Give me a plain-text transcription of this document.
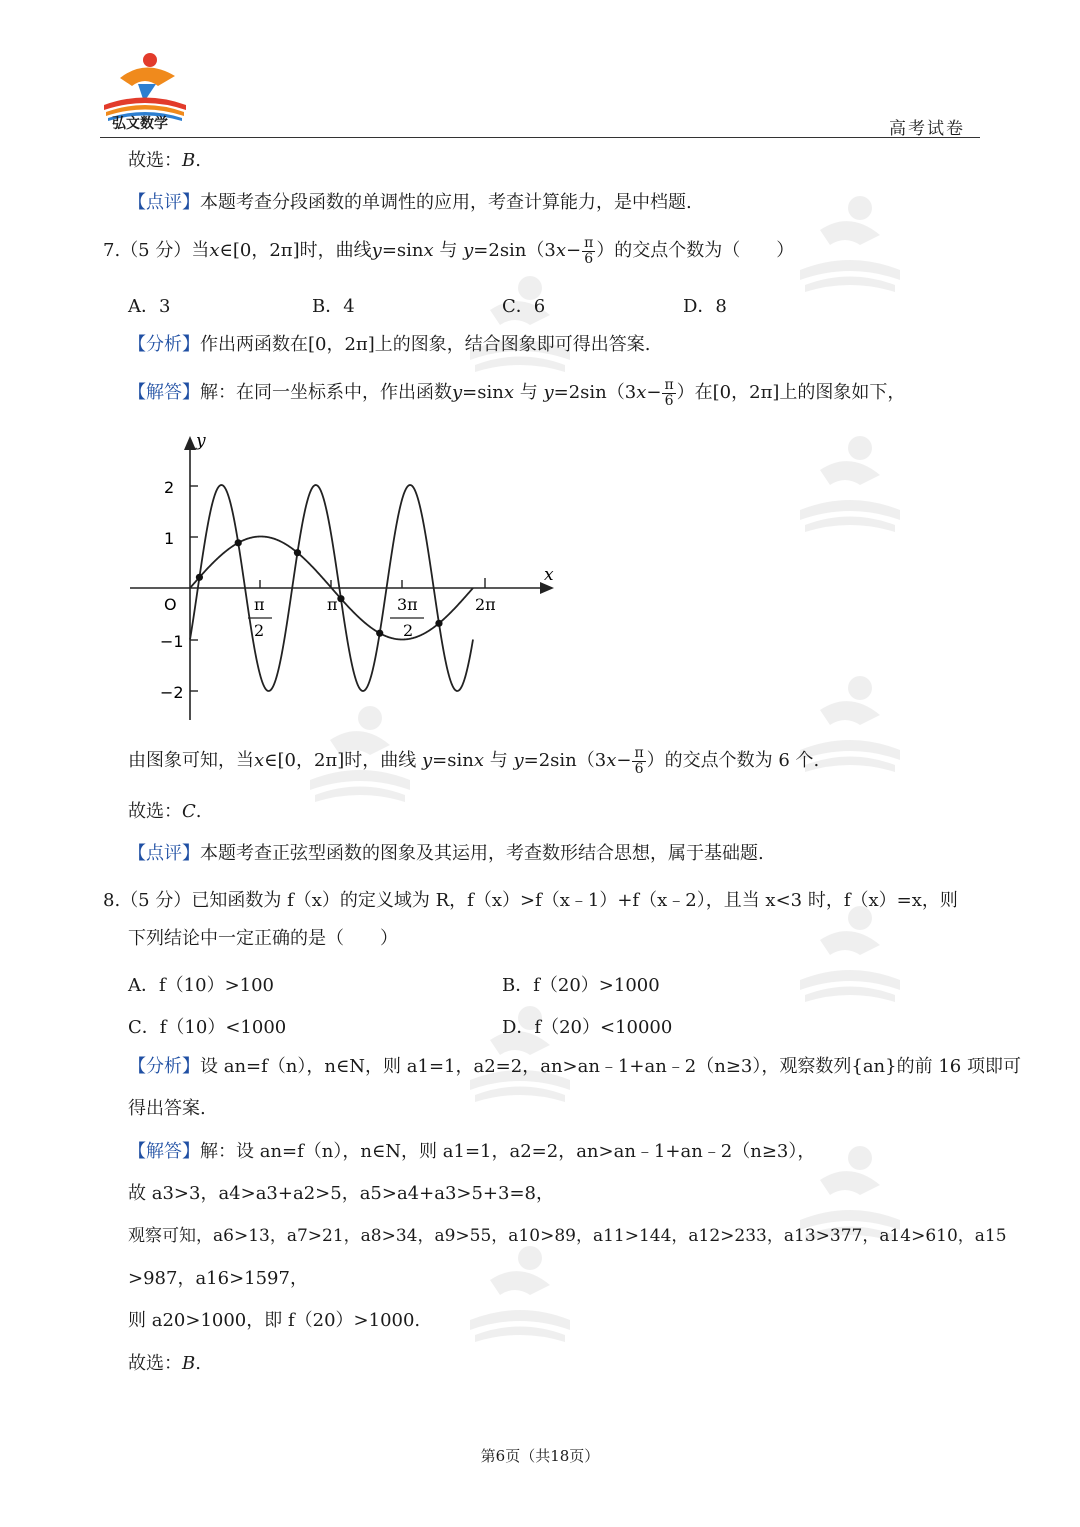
弘文数学	高考试卷
故选：B.
【点评】本题考查分段函数的单调性的应用，考查计算能力，是中档题.
7.（5 分）当x∈[0，2π]时，曲线y=sinx 与 $y=2\sin(3x- \frac{\pi}{6}$ ）的交点个数为（　　）
A．3	B．4	C．6	D．8
【分析】作出两函数在[0，2π]上的图象，结合图象即可得出答案.
【解答】解：在同一坐标系中，作出函数y=sinx 与 $y=2\sin(3x- \frac{\pi}{6}$ ）在[0，2π]上的图象如下，
y
x
O
2
1
−1
−2
π
2
π	3π
2
2π
由图象可知，当x∈[0，2π]时，曲线 y=sinx 与 $y=2\sin(3x- \frac{\pi}{6}$ ）的交点个数为 6 个.
故选：C.
【点评】本题考查正弦型函数的图象及其运用，考查数形结合思想，属于基础题.
8.（5 分）已知函数为 f（x）的定义域为 R，f（x）>f（x﹣1）+f（x﹣2），且当 x<3 时，f（x）=x，则
下列结论中一定正确的是（　　）
A．f（10）>100	B．f（20）>1000
C．f（10）<1000	D．f（20）<10000
【分析】设 an=f（n），n∈N，则 a1=1，a2=2，an>an﹣1+an﹣2（n≥3），观察数列{an}的前 16 项即可
得出答案.
【解答】解：设 an=f（n），n∈N，则 a1=1，a2=2，an>an﹣1+an﹣2（n≥3），
故 a3>3，a4>a3+a2>5，a5>a4+a3>5+3=8，
观察可知，a6>13，a7>21，a8>34，a9>55，a10>89，a11>144，a12>233，a13>377，a14>610，a15
>987，a16>1597，
则 a20>1000，即 f（20）>1000.
故选：B.
第6页（共18页）
